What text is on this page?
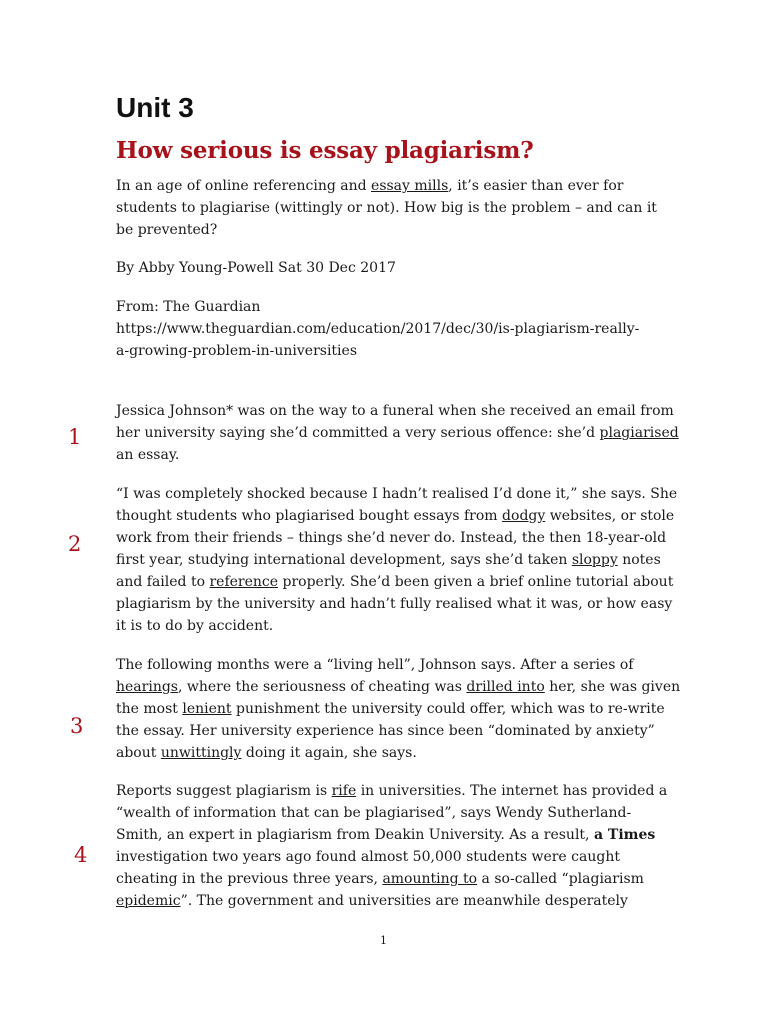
Unit 3
How serious is essay plagiarism?

In an age of online referencing and essay mills, it’s easier than ever for
students to plagiarise (wittingly or not). How big is the problem – and can it
be prevented?

By Abby Young-Powell Sat 30 Dec 2017

From: The Guardian
https://www.theguardian.com/education/2017/dec/30/is-plagiarism-really-
a-growing-problem-in-universities

1

Jessica Johnson* was on the way to a funeral when she received an email from
her university saying she’d committed a very serious offence: she’d plagiarised
an essay.

2

“I was completely shocked because I hadn’t realised I’d done it,” she says. She
thought students who plagiarised bought essays from dodgy websites, or stole
work from their friends – things she’d never do. Instead, the then 18-year-old
first year, studying international development, says she’d taken sloppy notes
and failed to reference properly. She’d been given a brief online tutorial about
plagiarism by the university and hadn’t fully realised what it was, or how easy
it is to do by accident.

3

The following months were a “living hell”, Johnson says. After a series of
hearings, where the seriousness of cheating was drilled into her, she was given
the most lenient punishment the university could offer, which was to re-write
the essay. Her university experience has since been “dominated by anxiety”
about unwittingly doing it again, she says.

4

Reports suggest plagiarism is rife in universities. The internet has provided a
“wealth of information that can be plagiarised”, says Wendy Sutherland-
Smith, an expert in plagiarism from Deakin University. As a result, a Times
investigation two years ago found almost 50,000 students were caught
cheating in the previous three years, amounting to a so-called “plagiarism
epidemic”. The government and universities are meanwhile desperately

1
